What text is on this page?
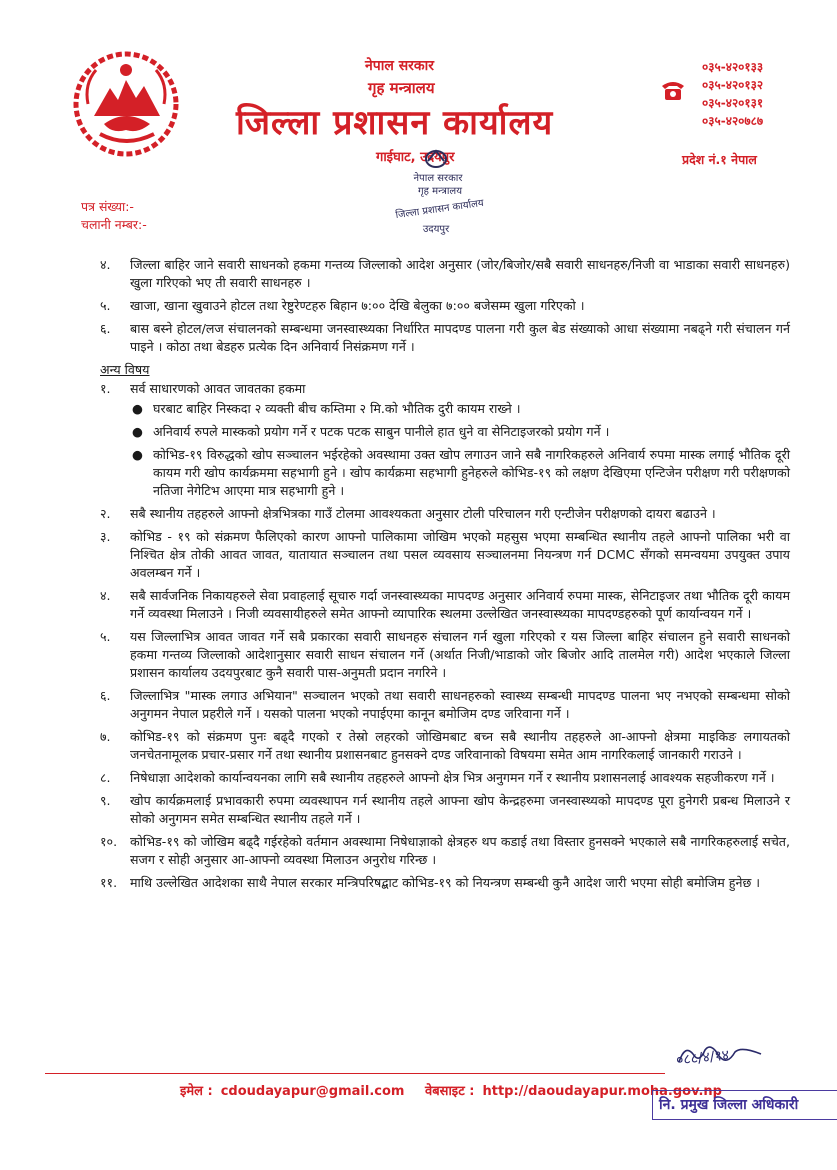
नेपाल सरकार
गृह मन्त्रालय
जिल्ला प्रशासन कार्यालय
गाईघाट, उदयपुर
०३५-४२०१३३
०३५-४२०१३२
०३५-४२०१३१
०३५-४२०७८७
प्रदेश नं.१ नेपाल
नेपाल सरकार
गृह मन्त्रालय
जिल्ला प्रशासन कार्यालय
उदयपुर
पत्र संख्या:-
चलानी नम्बर:-
४. जिल्ला बाहिर जाने सवारी साधनको हकमा गन्तव्य जिल्लाको आदेश अनुसार (जोर/बिजोर/सबै सवारी साधनहरु/निजी वा भाडाका सवारी साधनहरु) खुला गरिएको भए ती सवारी साधनहरु ।
५. खाजा, खाना खुवाउने होटल तथा रेष्टुरेण्टहरु बिहान ७:०० देखि बेलुका ७:०० बजेसम्म खुला गरिएको ।
६. बास बस्ने होटल/लज संचालनको सम्बन्धमा जनस्वास्थ्यका निर्धारित मापदण्ड पालना गरी कुल बेड संख्याको आधा संख्यामा नबढ्ने गरी संचालन गर्न पाइने । कोठा तथा बेडहरु प्रत्येक दिन अनिवार्य निसंक्रमण गर्ने ।
अन्य विषय
१. सर्व साधारणको आवत जावतका हकमा
● घरबाट बाहिर निस्कदा २ व्यक्ती बीच कम्तिमा २ मि.को भौतिक दुरी कायम राख्ने ।
● अनिवार्य रुपले मास्कको प्रयोग गर्ने र पटक पटक साबुन पानीले हात धुने वा सेनिटाइजरको प्रयोग गर्ने ।
● कोभिड-१९ विरुद्धको खोप सञ्चालन भईरहेको अवस्थामा उक्त खोप लगाउन जाने सबै नागरिकहरुले अनिवार्य रुपमा मास्क लगाई भौतिक दूरी कायम गरी खोप कार्यक्रममा सहभागी हुने । खोप कार्यक्रमा सहभागी हुनेहरुले कोभिड-१९ को लक्षण देखिएमा एन्टिजेन परीक्षण गरी परीक्षणको नतिजा नेगेटिभ आएमा मात्र सहभागी हुने ।
२. सबै स्थानीय तहहरुले आफ्नो क्षेत्रभित्रका गाउँ टोलमा आवश्यकता अनुसार टोली परिचालन गरी एन्टीजेन परीक्षणको दायरा बढाउने ।
३. कोभिड - १९ को संक्रमण फैलिएको कारण आफ्नो पालिकामा जोखिम भएको महसुस भएमा सम्बन्धित स्थानीय तहले आफ्नो पालिका भरी वा निश्चित क्षेत्र तोकी आवत जावत, यातायात सञ्चालन तथा पसल व्यवसाय सञ्चालनमा नियन्त्रण गर्न DCMC सँगको समन्वयमा उपयुक्त उपाय अवलम्बन गर्ने ।
४. सबै सार्वजनिक निकायहरुले सेवा प्रवाहलाई सूचारु गर्दा जनस्वास्थ्यका मापदण्ड अनुसार अनिवार्य रुपमा मास्क, सेनिटाइजर तथा भौतिक दूरी कायम गर्ने व्यवस्था मिलाउने । निजी व्यवसायीहरुले समेत आफ्नो व्यापारिक स्थलमा उल्लेखित जनस्वास्थ्यका मापदण्डहरुको पूर्ण कार्यान्वयन गर्ने ।
५. यस जिल्लाभित्र आवत जावत गर्ने सबै प्रकारका सवारी साधनहरु संचालन गर्न खुला गरिएको र यस जिल्ला बाहिर संचालन हुने सवारी साधनको हकमा गन्तव्य जिल्लाको आदेशानुसार सवारी साधन संचालन गर्ने (अर्थात निजी/भाडाको जोर बिजोर आदि तालमेल गरी) आदेश भएकाले जिल्ला प्रशासन कार्यालय उदयपुरबाट कुनै सवारी पास-अनुमती प्रदान नगरिने ।
६. जिल्लाभित्र "मास्क लगाउ अभियान" सञ्चालन भएको तथा सवारी साधनहरुको स्वास्थ्य सम्बन्धी मापदण्ड पालना भए नभएको सम्बन्धमा सोको अनुगमन नेपाल प्रहरीले गर्ने । यसको पालना भएको नपाईएमा कानून बमोजिम दण्ड जरिवाना गर्ने ।
७. कोभिड-१९ को संक्रमण पुनः बढ्दै गएको र तेस्रो लहरको जोखिमबाट बच्न सबै स्थानीय तहहरुले आ-आफ्नो क्षेत्रमा माइकिङ लगायतको जनचेतनामूलक प्रचार-प्रसार गर्ने तथा स्थानीय प्रशासनबाट हुनसक्ने दण्ड जरिवानाको विषयमा समेत आम नागरिकलाई जानकारी गराउने ।
८. निषेधाज्ञा आदेशको कार्यान्वयनका लागि सबै स्थानीय तहहरुले आफ्नो क्षेत्र भित्र अनुगमन गर्ने र स्थानीय प्रशासनलाई आवश्यक सहजीकरण गर्ने ।
९. खोप कार्यक्रमलाई प्रभावकारी रुपमा व्यवस्थापन गर्न स्थानीय तहले आफ्ना खोप केन्द्रहरुमा जनस्वास्थ्यको मापदण्ड पूरा हुनेगरी प्रबन्ध मिलाउने र सोको अनुगमन समेत सम्बन्धित स्थानीय तहले गर्ने ।
१०. कोभिड-१९ को जोखिम बढ्दै गईरहेको वर्तमान अवस्थामा निषेधाज्ञाको क्षेत्रहरु थप कडाई तथा विस्तार हुनसक्ने भएकाले सबै नागरिकहरुलाई सचेत, सजग र सोही अनुसार आ-आफ्नो व्यवस्था मिलाउन अनुरोध गरिन्छ ।
११. माथि उल्लेखित आदेशका साथै नेपाल सरकार मन्त्रिपरिषद्बाट कोभिड-१९ को नियन्त्रण सम्बन्धी कुनै आदेश जारी भएमा सोही बमोजिम हुनेछ ।
०८८/४/१४
इमेल : cdoudayapur@gmail.com वेबसाइट : http://daoudayapur.moha.gov.np
नि. प्रमुख जिल्ला अधिकारी
